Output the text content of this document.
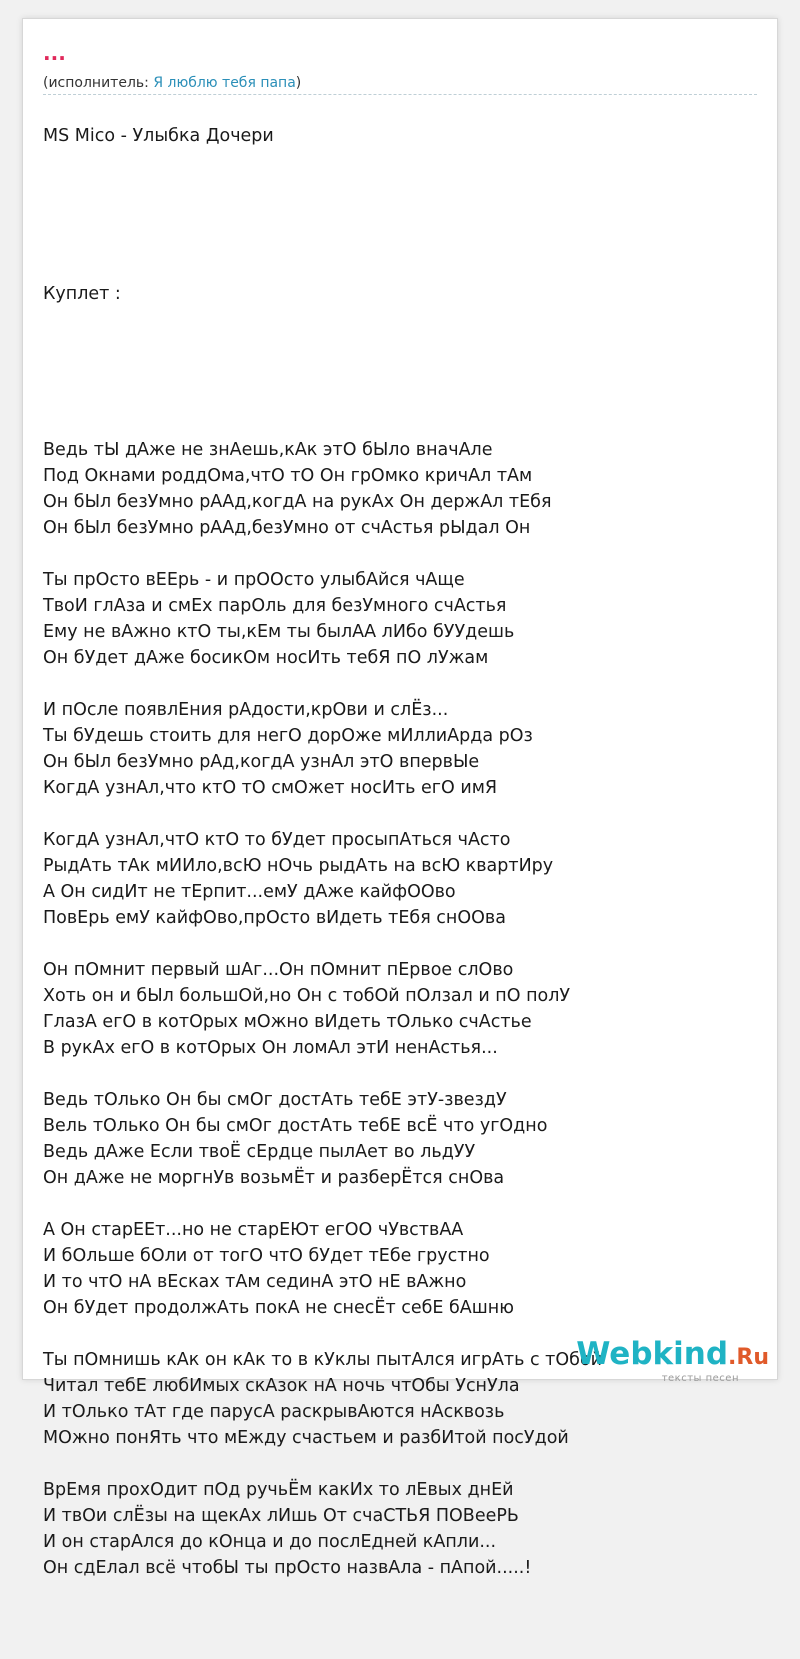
...
(исполнитель: Я люблю тебя папа)
MS Mico - Улыбка Дочери

Куплет :

Ведь тЫ дАже не знАешь,кАк этО бЫло вначАле
Под Окнами роддОма,чтО тО Он грОмко кричАл тАм
Он бЫл безУмно рААд,когдА на рукАх Он держАл тЕбя
Он бЫл безУмно рААд,безУмно от счАстья рЫдал Он
Ты прОсто вЕЕрь - и прООсто улыбАйся чАще
ТвоИ глАза и смЕх парОль для безУмного счАстья
Ему не вАжно ктО ты,кЕм ты былАА лИбо бУУдешь
Он бУдет дАже босикОм носИть тебЯ пО лУжам
И пОсле появлЕния рАдости,крОви и слЁз...
Ты бУдешь стоить для негО дорОже мИллиАрда рОз
Он бЫл безУмно рАд,когдА узнАл этО впервЫе
КогдА узнАл,что ктО тО смОжет носИть егО имЯ
КогдА узнАл,чтО ктО то бУдет просыпАться чАсто
РыдАть тАк мИИло,всЮ нОчь рыдАть на всЮ квартИру
А Он сидИт не тЕрпит...емУ дАже кайфООво
ПовЕрь емУ кайфОво,прОсто вИдеть тЕбя снООва
Он пОмнит первый шАг...Он пОмнит пЕрвое слОво
Хоть он и бЫл большОй,но Он с тобОй пОлзал и пО полУ
ГлазА егО в котОрых мОжно вИдеть тОлько счАстье
В рукАх егО в котОрых Он ломАл этИ ненАстья...
Ведь тОлько Он бы смОг достАть тебЕ этУ-звездУ
Вель тОлько Он бы смОг достАть тебЕ всЁ что угОдно
Ведь дАже Если твоЁ сЕрдце пылАет во льдУУ
Он дАже не моргнУв возьмЁт и разберЁтся снОва
А Он старЕЕт...но не старЕЮт егОО чУвствАА
И бОльше бОли от тогО чтО бУдет тЕбе грустно
И то чтО нА вЕсках тАм сединА этО нЕ вАжно
Он бУдет продолжАть покА не снесЁт себЕ бАшню
Ты пОмнишь кАк он кАк то в кУклы пытАлся игрАть с тОбой
Читал тебЕ любИмых скАзок нА ночь чтОбы УснУла
И тОлько тАт где парусА раскрывАются нАсквозь
МОжно понЯть что мЕжду счастьем и разбИтой посУдой
ВрЕмя прохОдит пОд ручьЁм какИх то лЕвых днЕй
И твОи слЁзы на щекАх лИшь От счаСТЬЯ ПОВееРЬ
И он старАлся до кОнца и до послЕдней кАпли...
Он сдЕлал всё чтобЫ ты прОсто назвАла - пАпой.....!

Webkind.Ru
тексты песен
